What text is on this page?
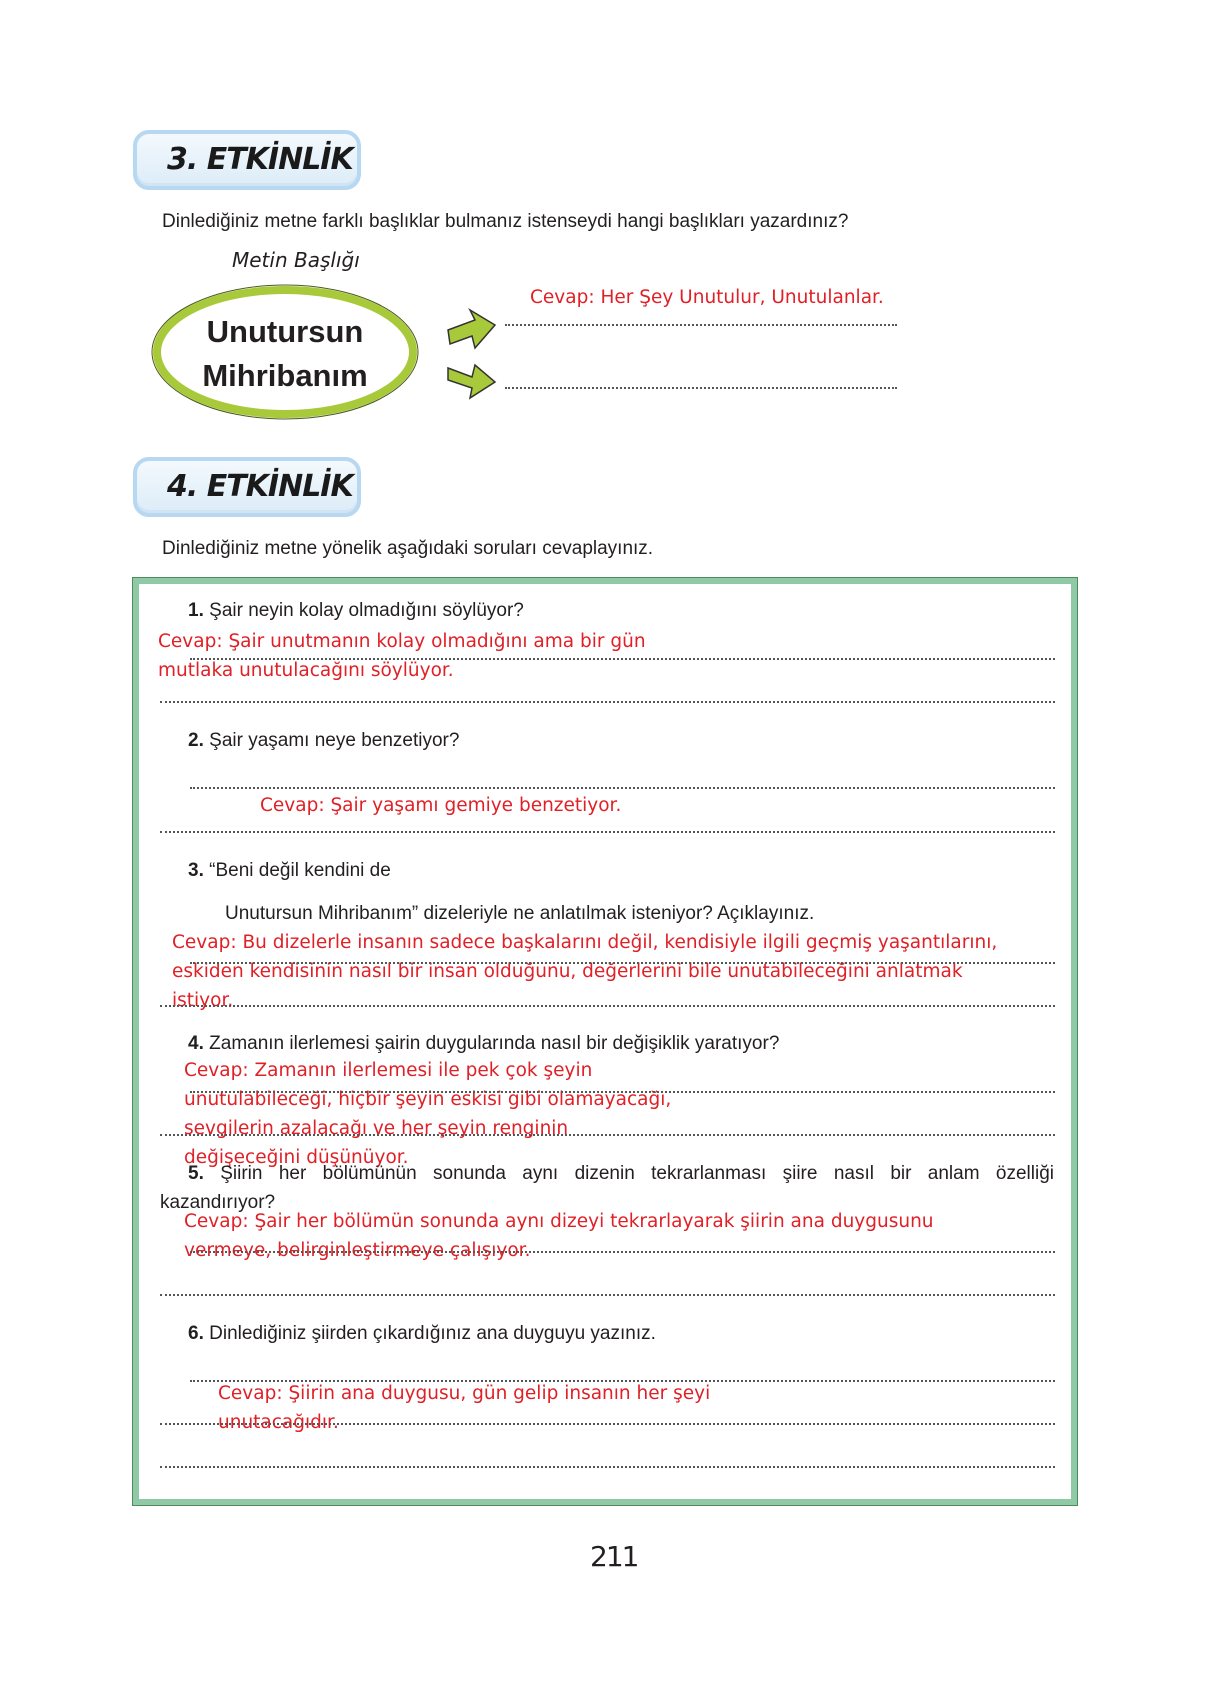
3. ETKİNLİK
Dinlediğiniz metne farklı başlıklar bulmanız istenseydi hangi başlıkları yazardınız?
Metin Başlığı
Unutursun
Mihribanım
Cevap: Her Şey Unutulur, Unutulanlar.
4. ETKİNLİK
Dinlediğiniz metne yönelik aşağıdaki soruları cevaplayınız.
1. Şair neyin kolay olmadığını söylüyor?
Cevap: Şair unutmanın kolay olmadığını ama bir gün
mutlaka unutulacağını söylüyor.
2. Şair yaşamı neye benzetiyor?
Cevap: Şair yaşamı gemiye benzetiyor.
3. “Beni değil kendini de
Unutursun Mihribanım” dizeleriyle ne anlatılmak isteniyor? Açıklayınız.
Cevap: Bu dizelerle insanın sadece başkalarını değil, kendisiyle ilgili geçmiş yaşantılarını,
eskiden kendisinin nasıl bir insan olduğunu, değerlerini bile unutabileceğini anlatmak
istiyor.
4. Zamanın ilerlemesi şairin duygularında nasıl bir değişiklik yaratıyor?
Cevap: Zamanın ilerlemesi ile pek çok şeyin
unutulabileceği, hiçbir şeyin eskisi gibi olamayacağı,
sevgilerin azalacağı ve her şeyin renginin
değişeceğini düşünüyor.
5. Şiirin her bölümünün sonunda aynı dizenin tekrarlanması şiire nasıl bir anlam özelliği
kazandırıyor?
Cevap: Şair her bölümün sonunda aynı dizeyi tekrarlayarak şiirin ana duygusunu
vermeye, belirginleştirmeye çalışıyor.
6. Dinlediğiniz şiirden çıkardığınız ana duyguyu yazınız.
Cevap: Şiirin ana duygusu, gün gelip insanın her şeyi
unutacağıdır.
211
